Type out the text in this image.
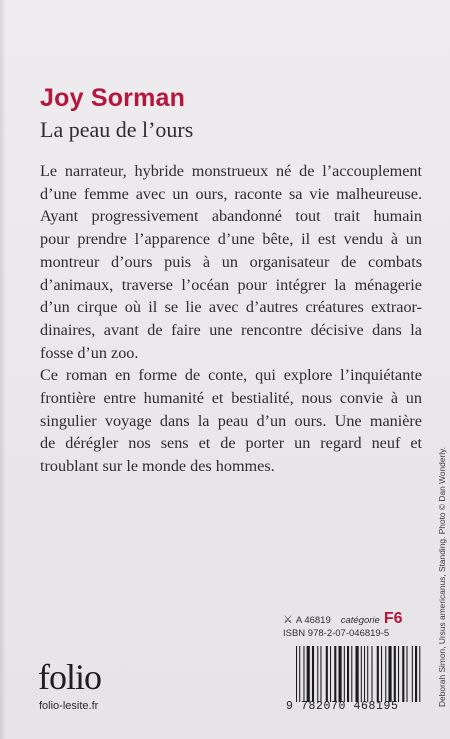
Joy Sorman
La peau de l’ours
Le narrateur, hybride monstrueux né de l’accouplement
d’une femme avec un ours, raconte sa vie malheureuse.
Ayant progressivement abandonné tout trait humain
pour prendre l’apparence d’une bête, il est vendu à un
montreur d’ours puis à un organisateur de combats
d’animaux, traverse l’océan pour intégrer la ménagerie
d’un cirque où il se lie avec d’autres créatures extraor-
dinaires, avant de faire une rencontre décisive dans la
fosse d’un zoo.
Ce roman en forme de conte, qui explore l’inquiétante
frontière entre humanité et bestialité, nous convie à un
singulier voyage dans la peau d’un ours. Une manière
de dérégler nos sens et de porter un regard neuf et
troublant sur le monde des hommes.	Deborah Simon, Ursus americanus, Standing. Photo © Dan Wonderly.
⚔ A 46819 catégorie F6
ISBN 978-2-07-046819-5
folio
folio-lesite.fr	9 782070 468195
